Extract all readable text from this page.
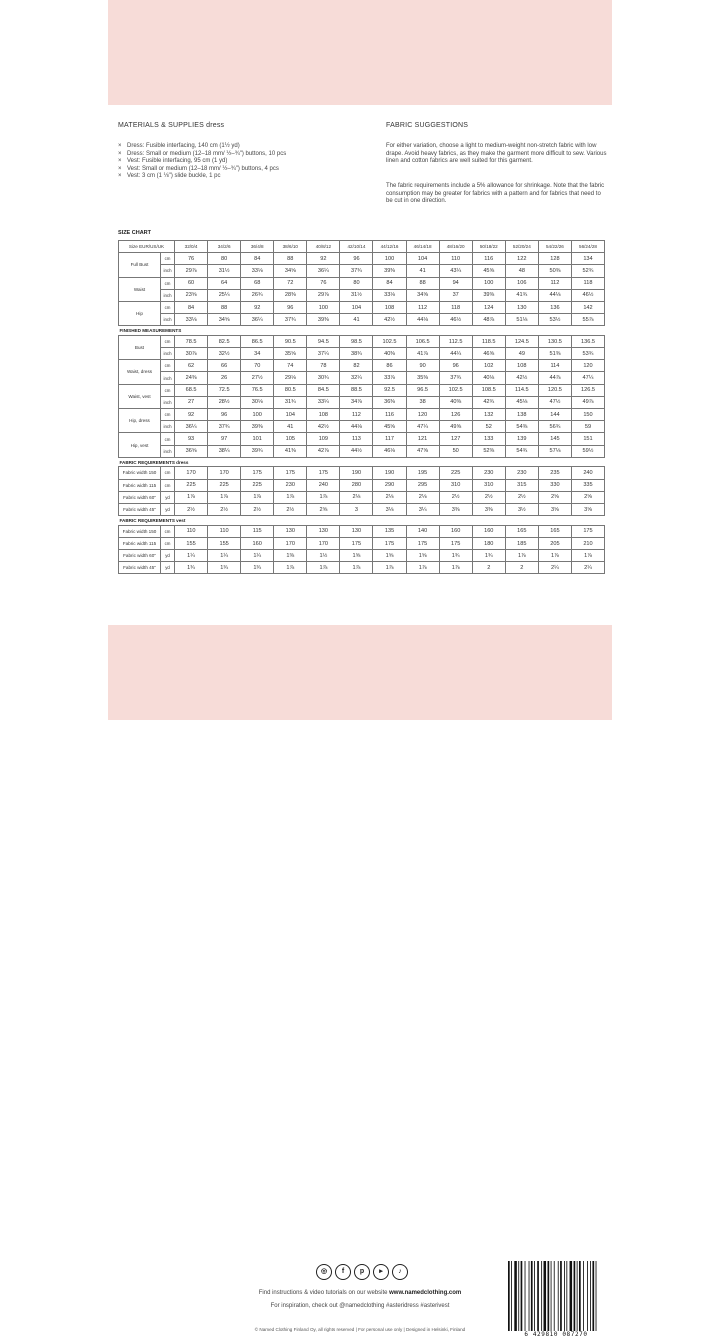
MATERIALS & SUPPLIES dress
× Dress: Fusible interfacing, 140 cm (1½ yd)
× Dress: Small or medium (12–18 mm/ ½–¾") buttons, 10 pcs
× Vest: Fusible interfacing, 95 cm (1 yd)
× Vest: Small or medium (12–18 mm/ ½–¾") buttons, 4 pcs
× Vest: 3 cm (1 ⅛") slide buckle, 1 pc
FABRIC SUGGESTIONS

For either variation, choose a light to medium-weight non-stretch fabric with low drape. Avoid heavy fabrics, as they make the garment more difficult to sew. Various linen and cotton fabrics are well suited for this garment.

The fabric requirements include a 5% allowance for shrinkage. Note that the fabric consumption may be greater for fabrics with a pattern and for fabrics that need to be cut in one direction.

SIZE CHART
Size EUR/US/UK		32/0/4	34/2/6	36/4/8	38/6/10	40/8/12	42/10/14	44/12/16	46/14/18	48/16/20	50/18/22	52/20/24	54/22/26	56/24/28
Full Bust	cm	76	80	84	88	92	96	100	104	110	116	122	128	134
	inch	29⅞	31½	33⅛	34⅝	36¼	37¾	39⅜	41	43¼	45⅝	48	50⅜	52¾
Waist	cm	60	64	68	72	76	80	84	88	94	100	106	112	118
	inch	23⅝	25¼	26¾	28⅜	29⅞	31½	33⅛	34⅝	37	39⅜	41¾	44⅛	46½
Hip	cm	84	88	92	96	100	104	108	112	118	124	130	136	142
	inch	33⅛	34⅝	36¼	37¾	39⅜	41	42½	44⅛	46½	48⅞	51⅛	53½	55⅞
FINISHED MEASUREMENTS														
Bust	cm	78.5	82.5	86.5	90.5	94.5	98.5	102.5	106.5	112.5	118.5	124.5	130.5	136.5
	inch	30⅞	32½	34	35⅝	37¼	38¾	40⅜	41⅞	44¼	46⅝	49	51⅜	53¾
Waist, dress	cm	62	66	70	74	78	82	86	90	96	102	108	114	120
	inch	24⅜	26	27½	29⅛	30¾	32¼	33⅞	35⅜	37¾	40⅛	42½	44⅞	47¼
Waist, vest	cm	68.5	72.5	76.5	80.5	84.5	88.5	92.5	96.5	102.5	108.5	114.5	120.5	126.5
	inch	27	28½	30⅛	31¾	33¼	34⅞	36⅜	38	40⅜	42¾	45⅛	47½	49⅞
Hip, dress	cm	92	96	100	104	108	112	116	120	126	132	138	144	150
	inch	36¼	37¾	39⅜	41	42½	44⅛	45⅝	47¼	49⅝	52	54⅜	56¾	59
Hip, vest	cm	93	97	101	105	109	113	117	121	127	133	139	145	151
	inch	36⅝	38¼	39¾	41⅜	42⅞	44½	46⅛	47⅝	50	52⅜	54¾	57⅛	59½
FABRIC REQUIREMENTS dress														
Fabric width 150	cm	170	170	175	175	175	190	190	195	225	230	230	235	240
Fabric width 115	cm	225	225	225	230	240	280	290	295	310	310	315	330	335
Fabric width 60"	yd	1⅞	1⅞	1⅞	1⅞	1⅞	2⅛	2⅛	2⅛	2½	2½	2½	2⅝	2⅝
Fabric width 45"	yd	2½	2½	2½	2½	2⅝	3	3⅛	3¼	3⅜	3⅜	3½	3⅝	3⅝
FABRIC REQUIREMENTS vest														
Fabric width 150	cm	110	110	115	130	130	130	135	140	160	160	165	165	175
Fabric width 115	cm	155	155	160	170	170	175	175	175	175	180	185	205	210
Fabric width 60"	yd	1¼	1¼	1¼	1⅜	1½	1⅝	1⅝	1⅝	1¾	1¾	1⅞	1⅞	1⅞
Fabric width 45"	yd	1¾	1¾	1¾	1⅞	1⅞	1⅞	1⅞	1⅞	1⅞	2	2	2¼	2¼
◎	f	p	▸	♪
Find instructions & video tutorials on our website www.namedclothing.com
For inspiration, check out @namedclothing #asteridress #asterivest
© Named Clothing Finland Oy, all rights reserved | For personal use only | Designed in Helsinki, Finland
6 429810 087270
